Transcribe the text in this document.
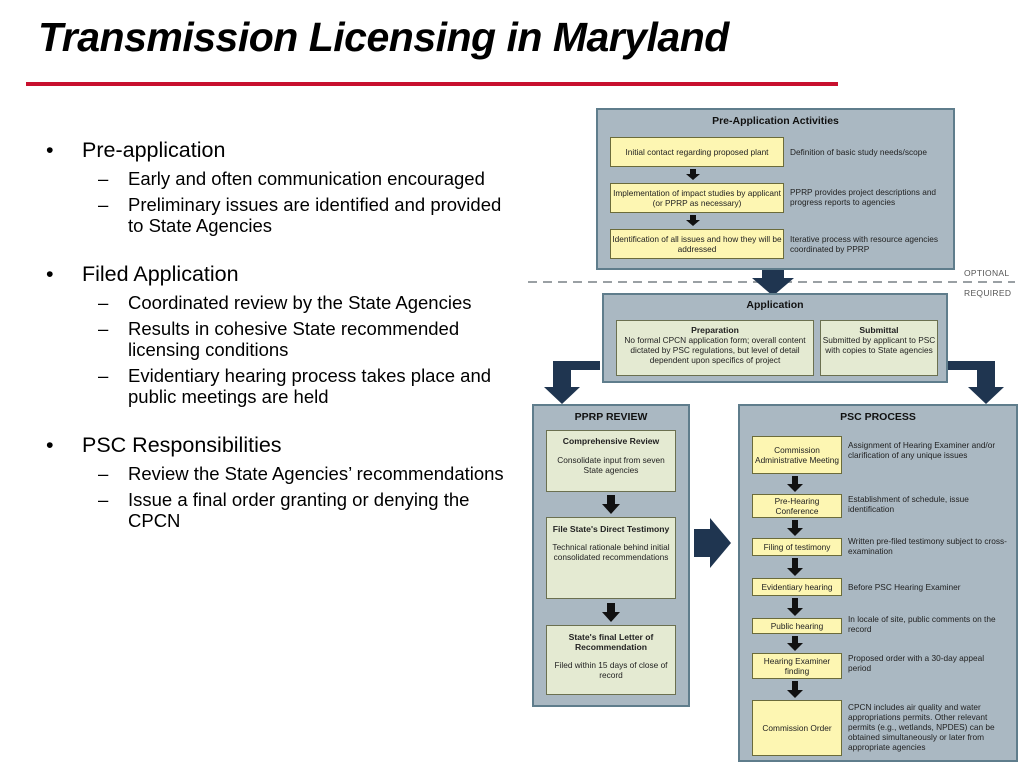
Transmission Licensing in Maryland
• Pre-application
– Early and often communication encouraged
– Preliminary issues are identified and provided to State Agencies
• Filed Application
– Coordinated review by the State Agencies
– Results in cohesive State recommended licensing conditions
– Evidentiary hearing process takes place and public meetings are held
• PSC Responsibilities
– Review the State Agencies’ recommendations
– Issue a final order granting or denying the CPCN
Pre-Application Activities
Initial contact regarding proposed plant	Definition of basic study needs/scope
Implementation of impact studies by applicant (or PPRP as necessary)
PPRP provides project descriptions and progress reports to agencies
Identification of all issues and how they will be addressed
Iterative process with resource agencies coordinated by PPRP
OPTIONAL
REQUIRED
Application
Preparation
No formal CPCN application form; overall content dictated by PSC regulations, but level of detail dependent upon specifics of project
Submittal
Submitted by applicant to PSC with copies to State agencies
PPRP REVIEW
Comprehensive Review
Consolidate input from seven State agencies
File State's Direct Testimony
Technical rationale behind initial consolidated recommendations
State's final Letter of Recommendation
Filed within 15 days of close of record
PSC PROCESS
Commission Administrative Meeting
Assignment of Hearing Examiner and/or clarification of any unique issues
Pre-Hearing Conference
Establishment of schedule, issue identification
Filing of testimony
Written pre-filed testimony subject to cross-examination
Evidentiary hearing	Before PSC Hearing Examiner
Public hearing
In locale of site, public comments on the record
Hearing Examiner finding
Proposed order with a 30-day appeal period
Commission Order
CPCN includes air quality and water appropriations permits. Other relevant permits (e.g., wetlands, NPDES) can be obtained simultaneously or later from appropriate agencies
